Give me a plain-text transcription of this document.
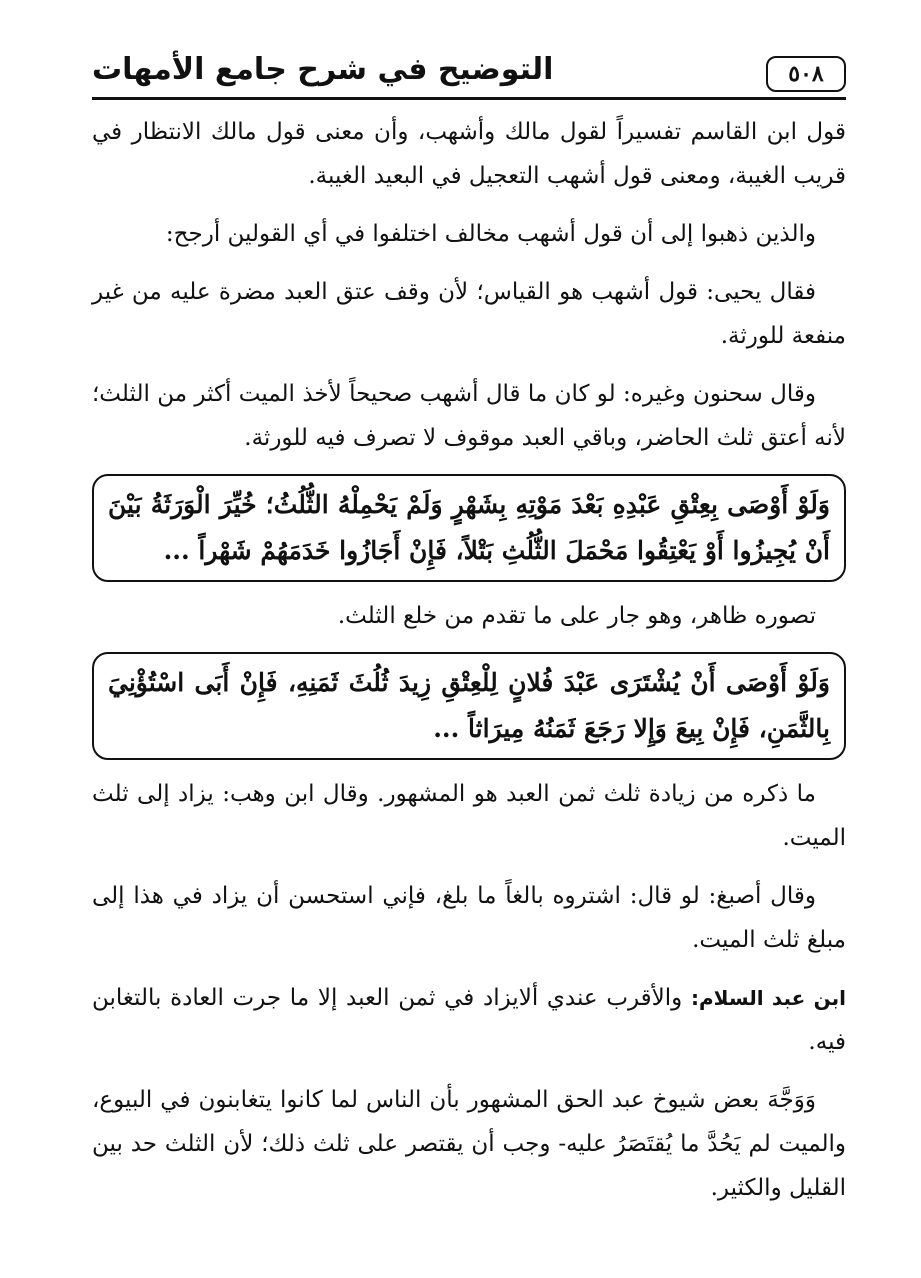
٥٠٨
التوضيح في شرح جامع الأمهات

قول ابن القاسم تفسيراً لقول مالك وأشهب، وأن معنى قول مالك الانتظار في قريب الغيبة، ومعنى قول أشهب التعجيل في البعيد الغيبة.

والذين ذهبوا إلى أن قول أشهب مخالف اختلفوا في أي القولين أرجح:

فقال يحيى: قول أشهب هو القياس؛ لأن وقف عتق العبد مضرة عليه من غير منفعة للورثة.

وقال سحنون وغيره: لو كان ما قال أشهب صحيحاً لأخذ الميت أكثر من الثلث؛ لأنه أعتق ثلث الحاضر، وباقي العبد موقوف لا تصرف فيه للورثة.

وَلَوْ أَوْصَى بِعِتْقِ عَبْدِهِ بَعْدَ مَوْتِهِ بِشَهْرٍ وَلَمْ يَحْمِلْهُ الثُّلُثُ؛ خُيِّرَ الْوَرَثَةُ بَيْنَ أَنْ يُجِيزُوا أَوْ يَعْتِقُوا مَحْمَلَ الثُّلُثِ بَتْلاً، فَإِنْ أَجَازُوا خَدَمَهُمْ شَهْراً ...

تصوره ظاهر، وهو جار على ما تقدم من خلع الثلث.

وَلَوْ أَوْصَى أَنْ يُشْتَرَى عَبْدَ فُلانٍ لِلْعِتْقِ زِيدَ ثُلُثَ ثَمَنِهِ، فَإِنْ أَبَى اسْتُؤْنِيَ بِالثَّمَنِ، فَإِنْ بِيعَ وَإِلا رَجَعَ ثَمَنُهُ مِيرَاثاً ...

ما ذكره من زيادة ثلث ثمن العبد هو المشهور. وقال ابن وهب: يزاد إلى ثلث الميت.

وقال أصبغ: لو قال: اشتروه بالغاً ما بلغ، فإني استحسن أن يزاد في هذا إلى مبلغ ثلث الميت.

ابن عبد السلام: والأقرب عندي ألايزاد في ثمن العبد إلا ما جرت العادة بالتغابن فيه.

وَوَجَّهَ بعض شيوخ عبد الحق المشهور بأن الناس لما كانوا يتغابنون في البيوع، والميت لم يَحُدَّ ما يُقتَصَرُ عليه- وجب أن يقتصر على ثلث ذلك؛ لأن الثلث حد بين القليل والكثير.
